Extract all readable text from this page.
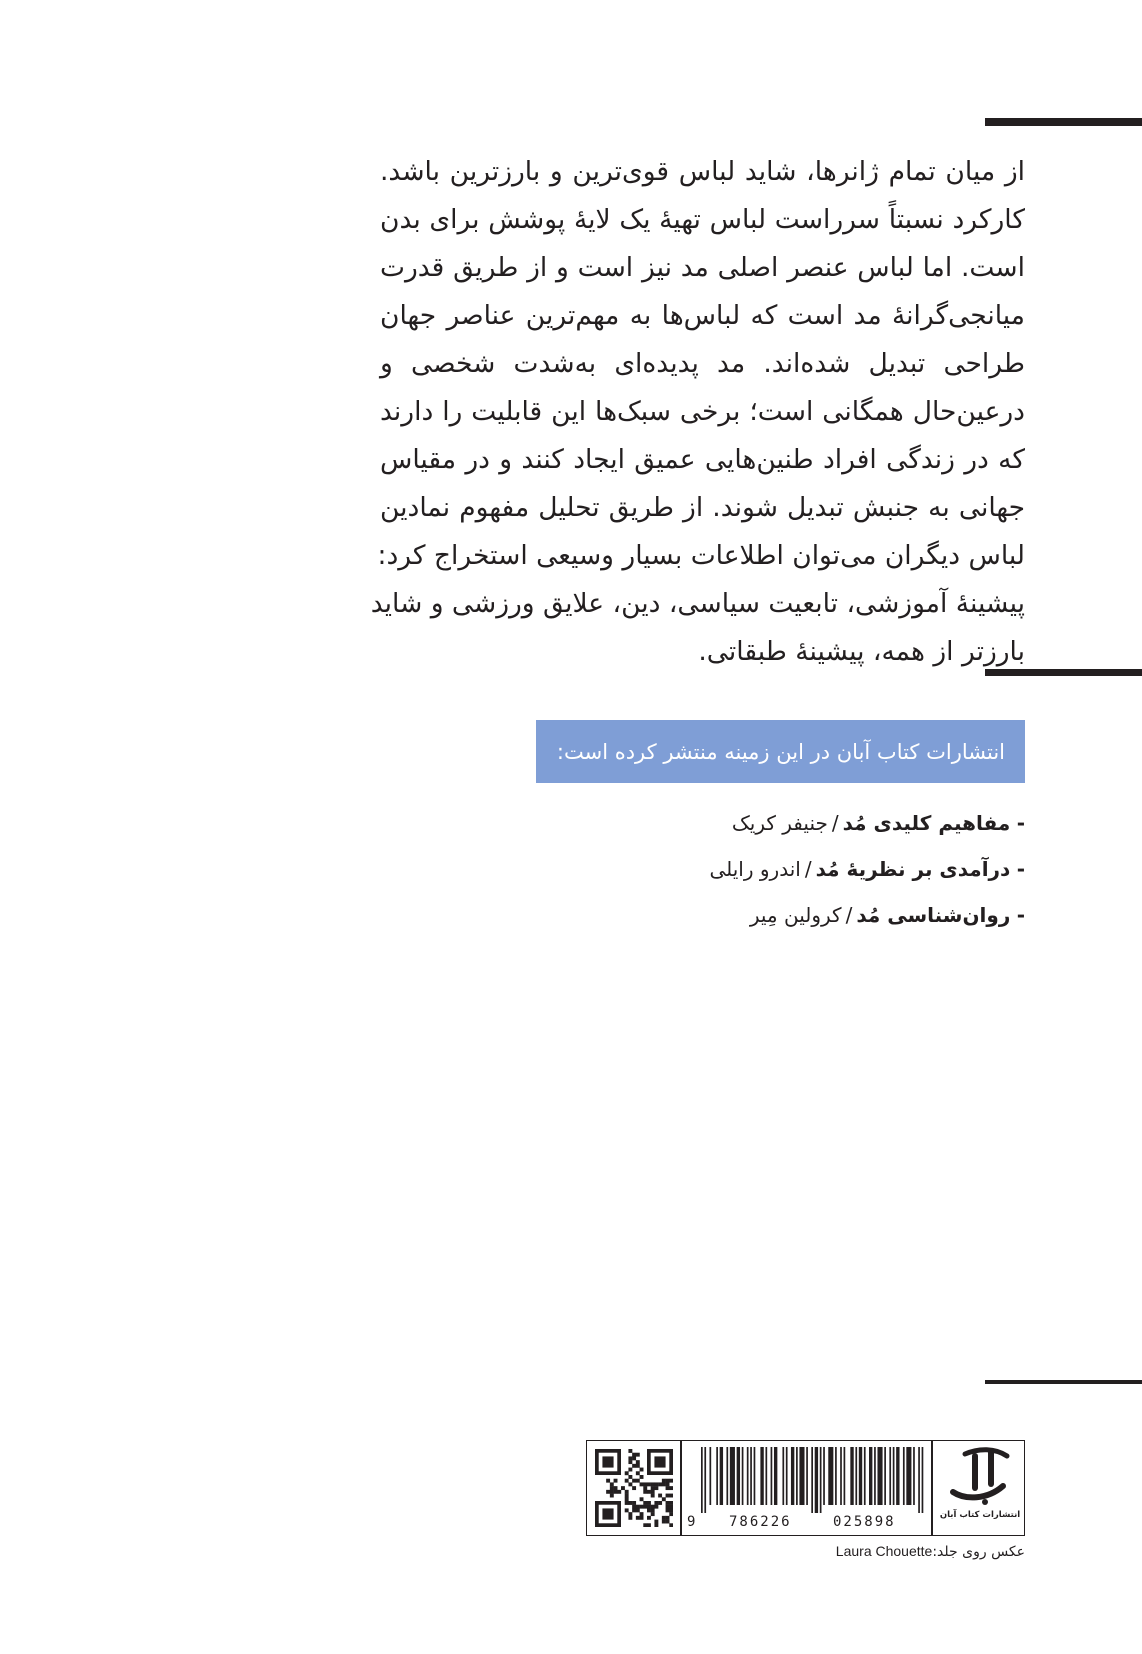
از میان تمام ژانرها، شاید لباس قوی‌ترین و بارزترین باشد.
کارکرد نسبتاً سرراست لباس تهیهٔ یک لایهٔ پوشش برای بدن
است. اما لباس عنصر اصلی مد نیز است و از طریق قدرت
میانجی‌گرانهٔ مد است که لباس‌ها به مهم‌ترین عناصر جهان
طراحی تبدیل شده‌اند. مد پدیده‌ای به‌شدت شخصی و
درعین‌حال همگانی است؛ برخی سبک‌ها این قابلیت را دارند
که در زندگی افراد طنین‌هایی عمیق ایجاد کنند و در مقیاس
جهانی به جنبش تبدیل شوند. از طریق تحلیل مفهوم نمادین
لباس دیگران می‌توان اطلاعات بسیار وسیعی استخراج کرد:
پیشینهٔ آموزشی، تابعیت سیاسی، دین، علایق ورزشی و شاید
بارزتر از همه، پیشینهٔ طبقاتی.
انتشارات کتاب آبان در این زمینه منتشر کرده است:
- مفاهیم کلیدی مُد/جنیفر کریک
- درآمدی بر نظریهٔ مُد/اندرو رایلی
- روان‌شناسی مُد/کرولین مِیر
9 786226	025898	انتشارات کتاب آبان
عکس روی جلد:Laura Chouette
